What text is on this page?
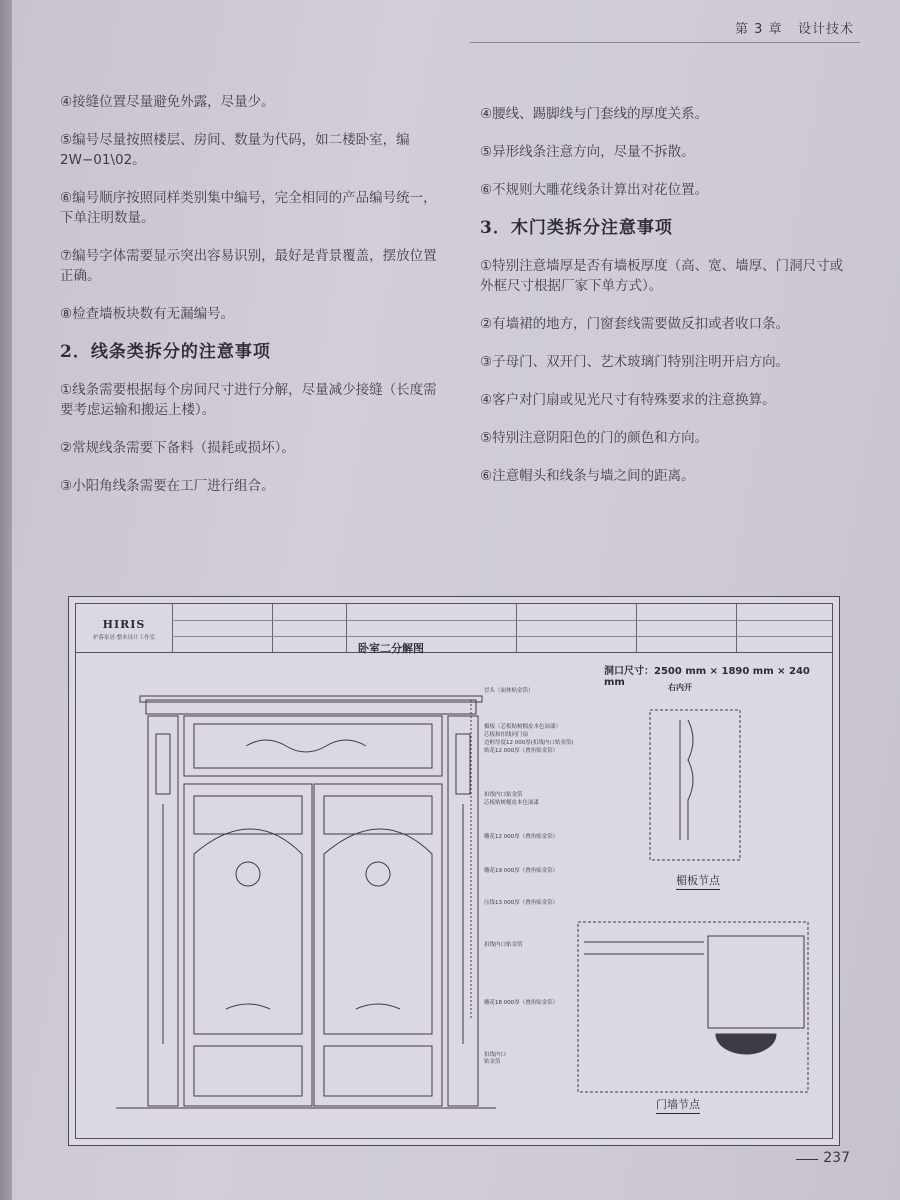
第 3 章 设计技术

④接缝位置尽量避免外露，尽量少。

⑤编号尽量按照楼层、房间、数量为代码，如二楼卧室，编 2W−01\02。

⑥编号顺序按照同样类别集中编号，完全相同的产品编号统一，下单注明数量。

⑦编号字体需要显示突出容易识别，最好是背景覆盖，摆放位置正确。

⑧检查墙板块数有无漏编号。

2．线条类拆分的注意事项

①线条需要根据每个房间尺寸进行分解，尽量减少接缝（长度需要考虑运输和搬运上楼）。

②常规线条需要下备料（损耗或损坏）。

③小阳角线条需要在工厂进行组合。

④腰线、踢脚线与门套线的厚度关系。

⑤异形线条注意方向，尽量不拆散。

⑥不规则大雕花线条计算出对花位置。

3．木门类拆分注意事项

①特别注意墙厚是否有墙板厚度（高、宽、墙厚、门洞尺寸或外框尺寸根据厂家下单方式）。

②有墙裙的地方，门窗套线需要做反扣或者收口条。

③子母门、双开门、艺术玻璃门特别注明开启方向。

④客户对门扇或见光尺寸有特殊要求的注意换算。

⑤特别注意阴阳色的门的颜色和方向。

⑥注意帽头和线条与墙之间的距离。

HIRIS
护落家居·整木设计工作室
卧室二分解图
洞口尺寸：2500 mm × 1890 mm × 240 mm	右内开
楣板节点
门墙节点
冒头（面体贴金箔）
楣板（芯板贴树榴皮本色油漆）
芯板和扣线同门扇
边框厚度12 000厚(扣线内口贴金箔)
贴花12 000厚（叠角贴金箔）
扣线内口贴金箔
芯板贴树榴皮本色油漆
雕花12 000厚（叠角贴金箔）
雕花19 000厚（叠角贴金箔）
压线13 000厚（叠角贴金箔）
扣线内口贴金箔
雕花18 000厚（叠角贴金箔）
扣线内口
贴金箔
237
